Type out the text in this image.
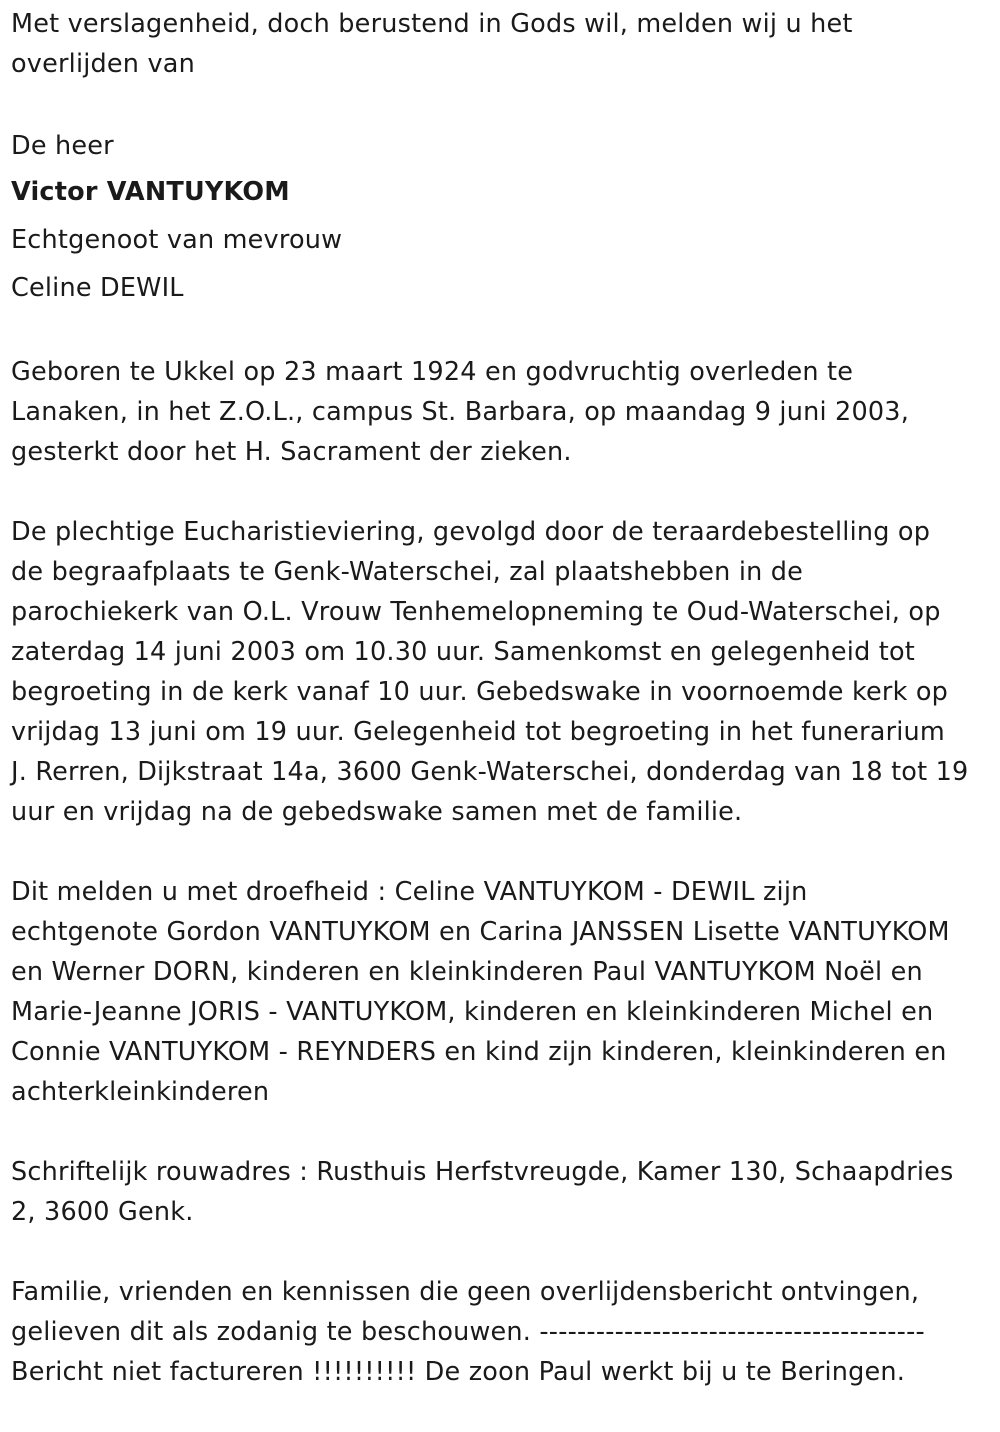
Met verslagenheid, doch berustend in Gods wil, melden wij u het
overlijden van
De heer
Victor VANTUYKOM
Echtgenoot van mevrouw
Celine DEWIL
Geboren te Ukkel op 23 maart 1924 en godvruchtig overleden te
Lanaken, in het Z.O.L., campus St. Barbara, op maandag 9 juni 2003,
gesterkt door het H. Sacrament der zieken.
De plechtige Eucharistieviering, gevolgd door de teraardebestelling op
de begraafplaats te Genk-Waterschei, zal plaatshebben in de
parochiekerk van O.L. Vrouw Tenhemelopneming te Oud-Waterschei, op
zaterdag 14 juni 2003 om 10.30 uur. Samenkomst en gelegenheid tot
begroeting in de kerk vanaf 10 uur. Gebedswake in voornoemde kerk op
vrijdag 13 juni om 19 uur. Gelegenheid tot begroeting in het funerarium
J. Rerren, Dijkstraat 14a, 3600 Genk-Waterschei, donderdag van 18 tot 19
uur en vrijdag na de gebedswake samen met de familie.
Dit melden u met droefheid : Celine VANTUYKOM - DEWIL zijn
echtgenote Gordon VANTUYKOM en Carina JANSSEN Lisette VANTUYKOM
en Werner DORN, kinderen en kleinkinderen Paul VANTUYKOM Noël en
Marie-Jeanne JORIS - VANTUYKOM, kinderen en kleinkinderen Michel en
Connie VANTUYKOM - REYNDERS en kind zijn kinderen, kleinkinderen en
achterkleinkinderen
Schriftelijk rouwadres : Rusthuis Herfstvreugde, Kamer 130, Schaapdries
2, 3600 Genk.
Familie, vrienden en kennissen die geen overlijdensbericht ontvingen,
gelieven dit als zodanig te beschouwen. -----------------------------------------
Bericht niet factureren !!!!!!!!!! De zoon Paul werkt bij u te Beringen.
